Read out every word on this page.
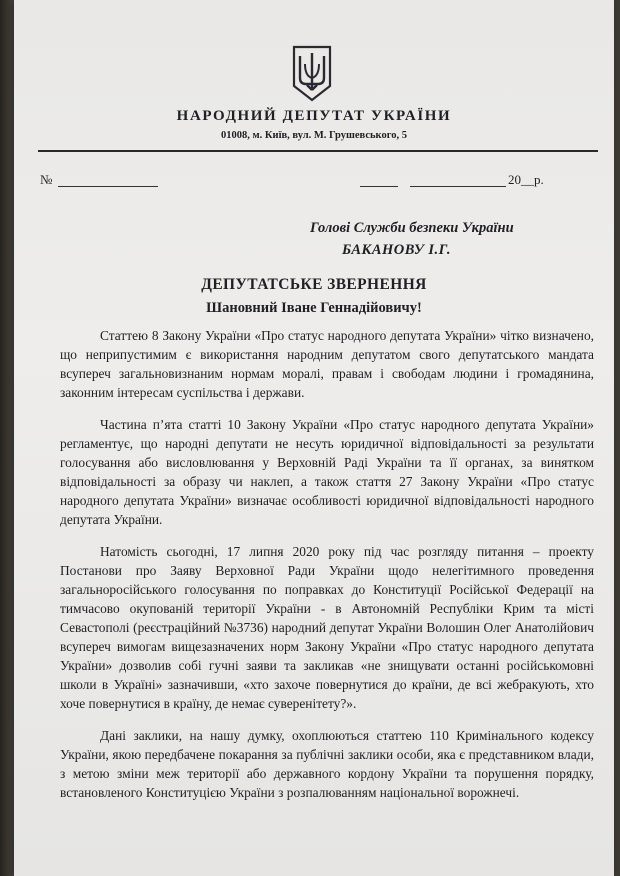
НАРОДНИЙ ДЕПУТАТ УКРАЇНИ
01008, м. Київ, вул. М. Грушевського, 5
№	20__р.
Голові Служби безпеки України
БАКАНОВУ І.Г.
ДЕПУТАТСЬКЕ ЗВЕРНЕННЯ
Шановний Іване Геннадійовичу!

Статтею 8 Закону України «Про статус народного депутата України» чітко визначено, що неприпустимим є використання народним депутатом свого депутатського мандата всупереч загальновизнаним нормам моралі, правам і свободам людини і громадянина, законним інтересам суспільства і держави.

Частина п’ята статті 10 Закону України «Про статус народного депутата України» регламентує, що народні депутати не несуть юридичної відповідальності за результати голосування або висловлювання у Верховній Раді України та її органах, за винятком відповідальності за образу чи наклеп, а також стаття 27 Закону України «Про статус народного депутата України» визначає особливості юридичної відповідальності народного депутата України.

Натомість сьогодні, 17 липня 2020 року під час розгляду питання – проекту Постанови про Заяву Верховної Ради України щодо нелегітимного проведення загальноросійського голосування по поправках до Конституції Російської Федерації на тимчасово окупованій території України - в Автономній Республіки Крим та місті Севастополі (реєстраційний №3736) народний депутат України Волошин Олег Анатолійович всупереч вимогам вищезазначених норм Закону України «Про статус народного депутата України» дозволив собі гучні заяви та закликав «не знищувати останні російськомовні школи в Україні» зазначивши, «хто захоче повернутися до країни, де всі жебракують, хто хоче повернутися в країну, де немає суверенітету?».

Дані заклики, на нашу думку, охоплюються статтею 110 Кримінального кодексу України, якою передбачене покарання за публічні заклики особи, яка є представником влади, з метою зміни меж території або державного кордону України та порушення порядку, встановленого Конституцією України з розпалюванням національної ворожнечі.
